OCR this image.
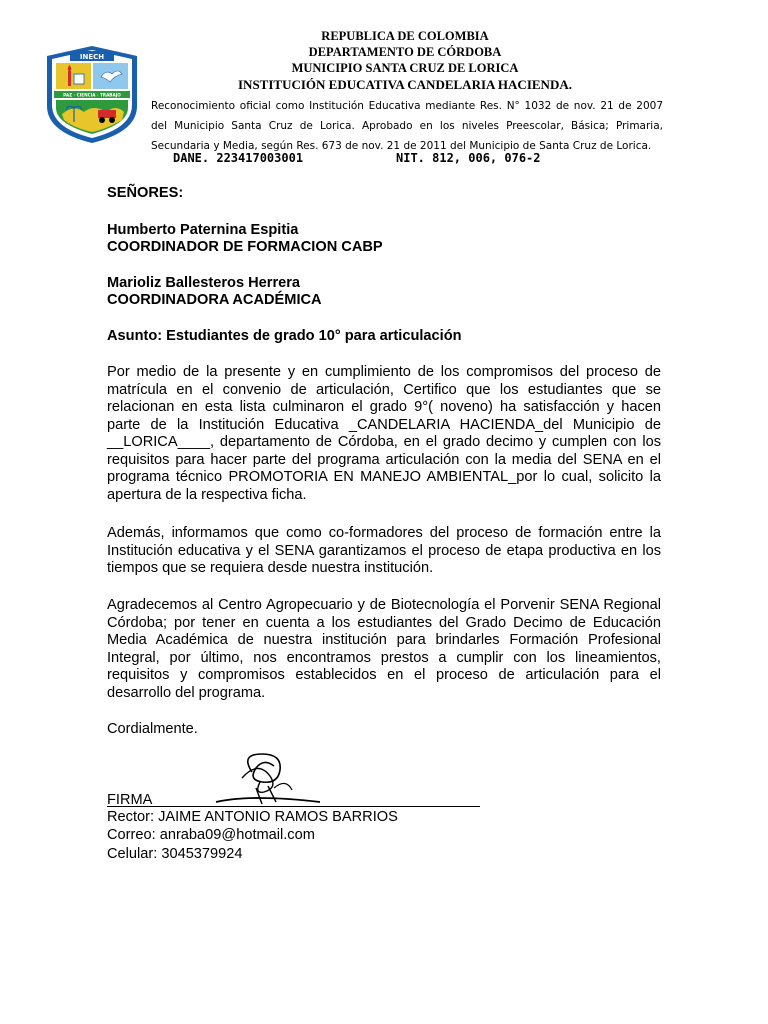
INECH
PAZ · CIENCIA · TRABAJO
REPUBLICA DE COLOMBIA
DEPARTAMENTO DE CÓRDOBA
MUNICIPIO SANTA CRUZ DE LORICA
INSTITUCIÓN EDUCATIVA CANDELARIA HACIENDA.
Reconocimiento oficial como Institución Educativa mediante Res. N° 1032 de nov. 21 de 2007 del Municipio Santa Cruz de Lorica. Aprobado en los niveles Preescolar, Básica; Primaria, Secundaria y Media, según Res. 673 de nov. 21 de 2011 del Municipio de Santa Cruz de Lorica.
DANE. 223417003001	NIT. 812, 006, 076-2
SEÑORES:
Humberto Paternina Espitia
COORDINADOR DE FORMACION CABP
Marioliz Ballesteros Herrera
COORDINADORA ACADÉMICA
Asunto: Estudiantes de grado 10° para articulación
Por medio de la presente y en cumplimiento de los compromisos del proceso de matrícula en el convenio de articulación, Certifico que los estudiantes que se relacionan en esta lista culminaron el grado 9°( noveno) ha satisfacción y hacen parte de la Institución Educativa _CANDELARIA HACIENDA_del Municipio de __LORICA____, departamento de Córdoba, en el grado decimo y cumplen con los requisitos para hacer parte del programa articulación con la media del SENA en el programa técnico PROMOTORIA EN MANEJO AMBIENTAL_por lo cual, solicito la apertura de la respectiva ficha.
Además, informamos que como co-formadores del proceso de formación entre la Institución educativa y el SENA garantizamos el proceso de etapa productiva en los tiempos que se requiera desde nuestra institución.
Agradecemos al Centro Agropecuario y de Biotecnología el Porvenir SENA Regional Córdoba; por tener en cuenta a los estudiantes del Grado Decimo de Educación Media Académica de nuestra institución para brindarles Formación Profesional Integral, por último, nos encontramos prestos a cumplir con los lineamientos, requisitos y compromisos establecidos en el proceso de articulación para el desarrollo del programa.
Cordialmente.
FIRMA
Rector: JAIME ANTONIO RAMOS BARRIOS
Correo: anraba09@hotmail.com
Celular: 3045379924
